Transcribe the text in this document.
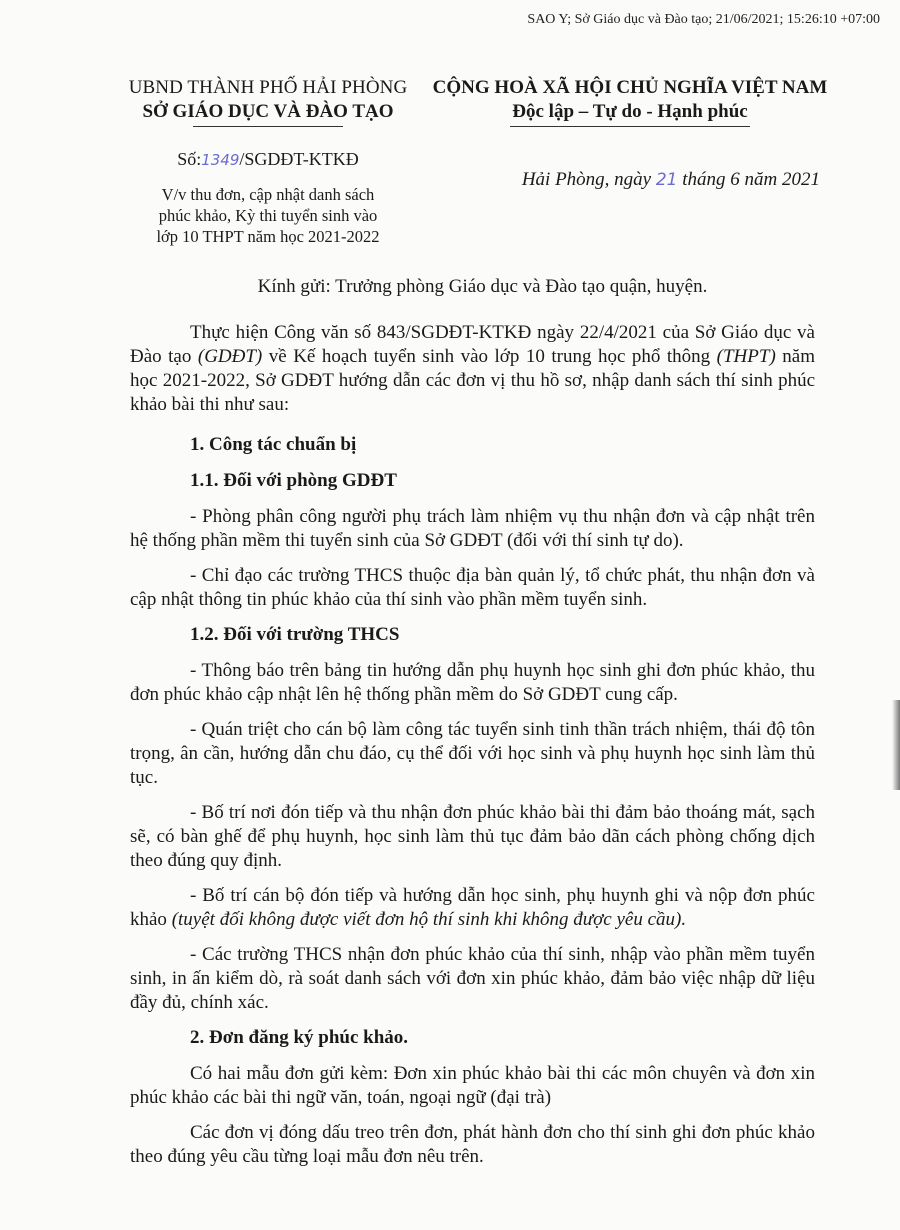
SAO Y; Sở Giáo dục và Đào tạo; 21/06/2021; 15:26:10 +07:00
UBND THÀNH PHỐ HẢI PHÒNG
SỞ GIÁO DỤC VÀ ĐÀO TẠO
Số:1349/SGDĐT-KTKĐ
V/v thu đơn, cập nhật danh sách
phúc khảo, Kỳ thi tuyển sinh vào
lớp 10 THPT năm học 2021-2022
CỘNG HOÀ XÃ HỘI CHỦ NGHĨA VIỆT NAM
Độc lập – Tự do - Hạnh phúc
Hải Phòng, ngày 21 tháng 6 năm 2021
Kính gửi: Trưởng phòng Giáo dục và Đào tạo quận, huyện.

Thực hiện Công văn số 843/SGDĐT-KTKĐ ngày 22/4/2021 của Sở Giáo dục và Đào tạo (GDĐT) về Kế hoạch tuyển sinh vào lớp 10 trung học phổ thông (THPT) năm học 2021-2022, Sở GDĐT hướng dẫn các đơn vị thu hồ sơ, nhập danh sách thí sinh phúc khảo bài thi như sau:

1. Công tác chuẩn bị
1.1. Đối với phòng GDĐT

- Phòng phân công người phụ trách làm nhiệm vụ thu nhận đơn và cập nhật trên hệ thống phần mềm thi tuyển sinh của Sở GDĐT (đối với thí sinh tự do).

- Chỉ đạo các trường THCS thuộc địa bàn quản lý, tổ chức phát, thu nhận đơn và cập nhật thông tin phúc khảo của thí sinh vào phần mềm tuyển sinh.

1.2. Đối với trường THCS

- Thông báo trên bảng tin hướng dẫn phụ huynh học sinh ghi đơn phúc khảo, thu đơn phúc khảo cập nhật lên hệ thống phần mềm do Sở GDĐT cung cấp.

- Quán triệt cho cán bộ làm công tác tuyển sinh tinh thần trách nhiệm, thái độ tôn trọng, ân cần, hướng dẫn chu đáo, cụ thể đối với học sinh và phụ huynh học sinh làm thủ tục.

- Bố trí nơi đón tiếp và thu nhận đơn phúc khảo bài thi đảm bảo thoáng mát, sạch sẽ, có bàn ghế để phụ huynh, học sinh làm thủ tục đảm bảo dãn cách phòng chống dịch theo đúng quy định.

- Bố trí cán bộ đón tiếp và hướng dẫn học sinh, phụ huynh ghi và nộp đơn phúc khảo (tuyệt đối không được viết đơn hộ thí sinh khi không được yêu cầu).

- Các trường THCS nhận đơn phúc khảo của thí sinh, nhập vào phần mềm tuyển sinh, in ấn kiểm dò, rà soát danh sách với đơn xin phúc khảo, đảm bảo việc nhập dữ liệu đầy đủ, chính xác.

2. Đơn đăng ký phúc khảo.

Có hai mẫu đơn gửi kèm: Đơn xin phúc khảo bài thi các môn chuyên và đơn xin phúc khảo các bài thi ngữ văn, toán, ngoại ngữ (đại trà)

Các đơn vị đóng dấu treo trên đơn, phát hành đơn cho thí sinh ghi đơn phúc khảo theo đúng yêu cầu từng loại mẫu đơn nêu trên.
